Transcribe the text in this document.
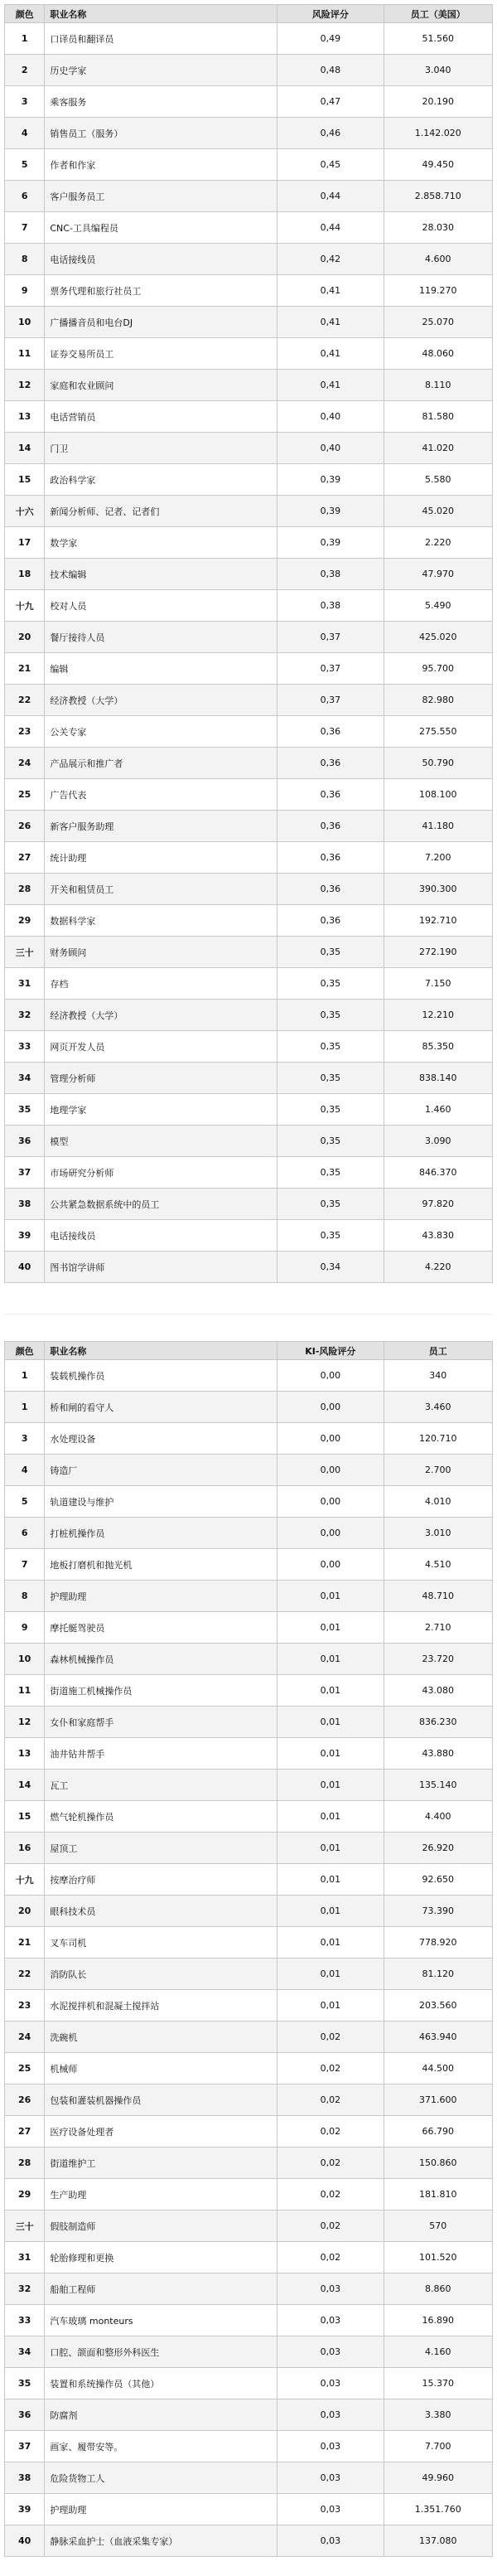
颜色	职业名称	风险评分	员工（美国）
1	口译员和翻译员	0,49	51.560
2	历史学家	0,48	3.040
3	乘客服务	0,47	20.190
4	销售员工（服务）	0,46	1.142.020
5	作者和作家	0,45	49.450
6	客户服务员工	0,44	2.858.710
7	CNC-工具编程员	0,44	28.030
8	电话接线员	0,42	4.600
9	票务代理和旅行社员工	0,41	119.270
10	广播播音员和电台DJ	0,41	25.070
11	证券交易所员工	0,41	48.060
12	家庭和农业顾问	0,41	8.110
13	电话营销员	0,40	81.580
14	门卫	0,40	41.020
15	政治科学家	0,39	5.580
十六	新闻分析师、记者、记者们	0,39	45.020
17	数学家	0,39	2.220
18	技术编辑	0,38	47.970
十九	校对人员	0,38	5.490
20	餐厅接待人员	0,37	425.020
21	编辑	0,37	95.700
22	经济教授（大学）	0,37	82.980
23	公关专家	0,36	275.550
24	产品展示和推广者	0,36	50.790
25	广告代表	0,36	108.100
26	新客户服务助理	0,36	41.180
27	统计助理	0,36	7.200
28	开关和租赁员工	0,36	390.300
29	数据科学家	0,36	192.710
三十	财务顾问	0,35	272.190
31	存档	0,35	7.150
32	经济教授（大学）	0,35	12.210
33	网页开发人员	0,35	85.350
34	管理分析师	0,35	838.140
35	地理学家	0,35	1.460
36	模型	0,35	3.090
37	市场研究分析师	0,35	846.370
38	公共紧急数据系统中的员工	0,35	97.820
39	电话接线员	0,35	43.830
40	图书馆学讲师	0,34	4.220
颜色	职业名称	KI-风险评分	员工
1	装载机操作员	0,00	340
1	桥和闸的看守人	0,00	3.460
3	水处理设备	0,00	120.710
4	铸造厂	0,00	2.700
5	轨道建设与维护	0,00	4.010
6	打桩机操作员	0,00	3.010
7	地板打磨机和抛光机	0,00	4.510
8	护理助理	0,01	48.710
9	摩托艇驾驶员	0,01	2.710
10	森林机械操作员	0,01	23.720
11	街道施工机械操作员	0,01	43.080
12	女仆和家庭帮手	0,01	836.230
13	油井钻井帮手	0,01	43.880
14	瓦工	0,01	135.140
15	燃气轮机操作员	0,01	4.400
16	屋顶工	0,01	26.920
十九	按摩治疗师	0,01	92.650
20	眼科技术员	0,01	73.390
21	叉车司机	0,01	778.920
22	消防队长	0,01	81.120
23	水泥搅拌机和混凝土搅拌站	0,01	203.560
24	洗碗机	0,02	463.940
25	机械师	0,02	44.500
26	包装和灌装机器操作员	0,02	371.600
27	医疗设备处理者	0,02	66.790
28	街道维护工	0,02	150.860
29	生产助理	0,02	181.810
三十	假肢制造师	0,02	570
31	轮胎修理和更换	0,02	101.520
32	船舶工程师	0,03	8.860
33	汽车玻璃 monteurs	0,03	16.890
34	口腔、颌面和整形外科医生	0,03	4.160
35	装置和系统操作员（其他）	0,03	15.370
36	防腐剂	0,03	3.380
37	画家、履带安等。	0,03	7.700
38	危险货物工人	0,03	49.960
39	护理助理	0,03	1.351.760
40	静脉采血护士（血液采集专家）	0,03	137.080
